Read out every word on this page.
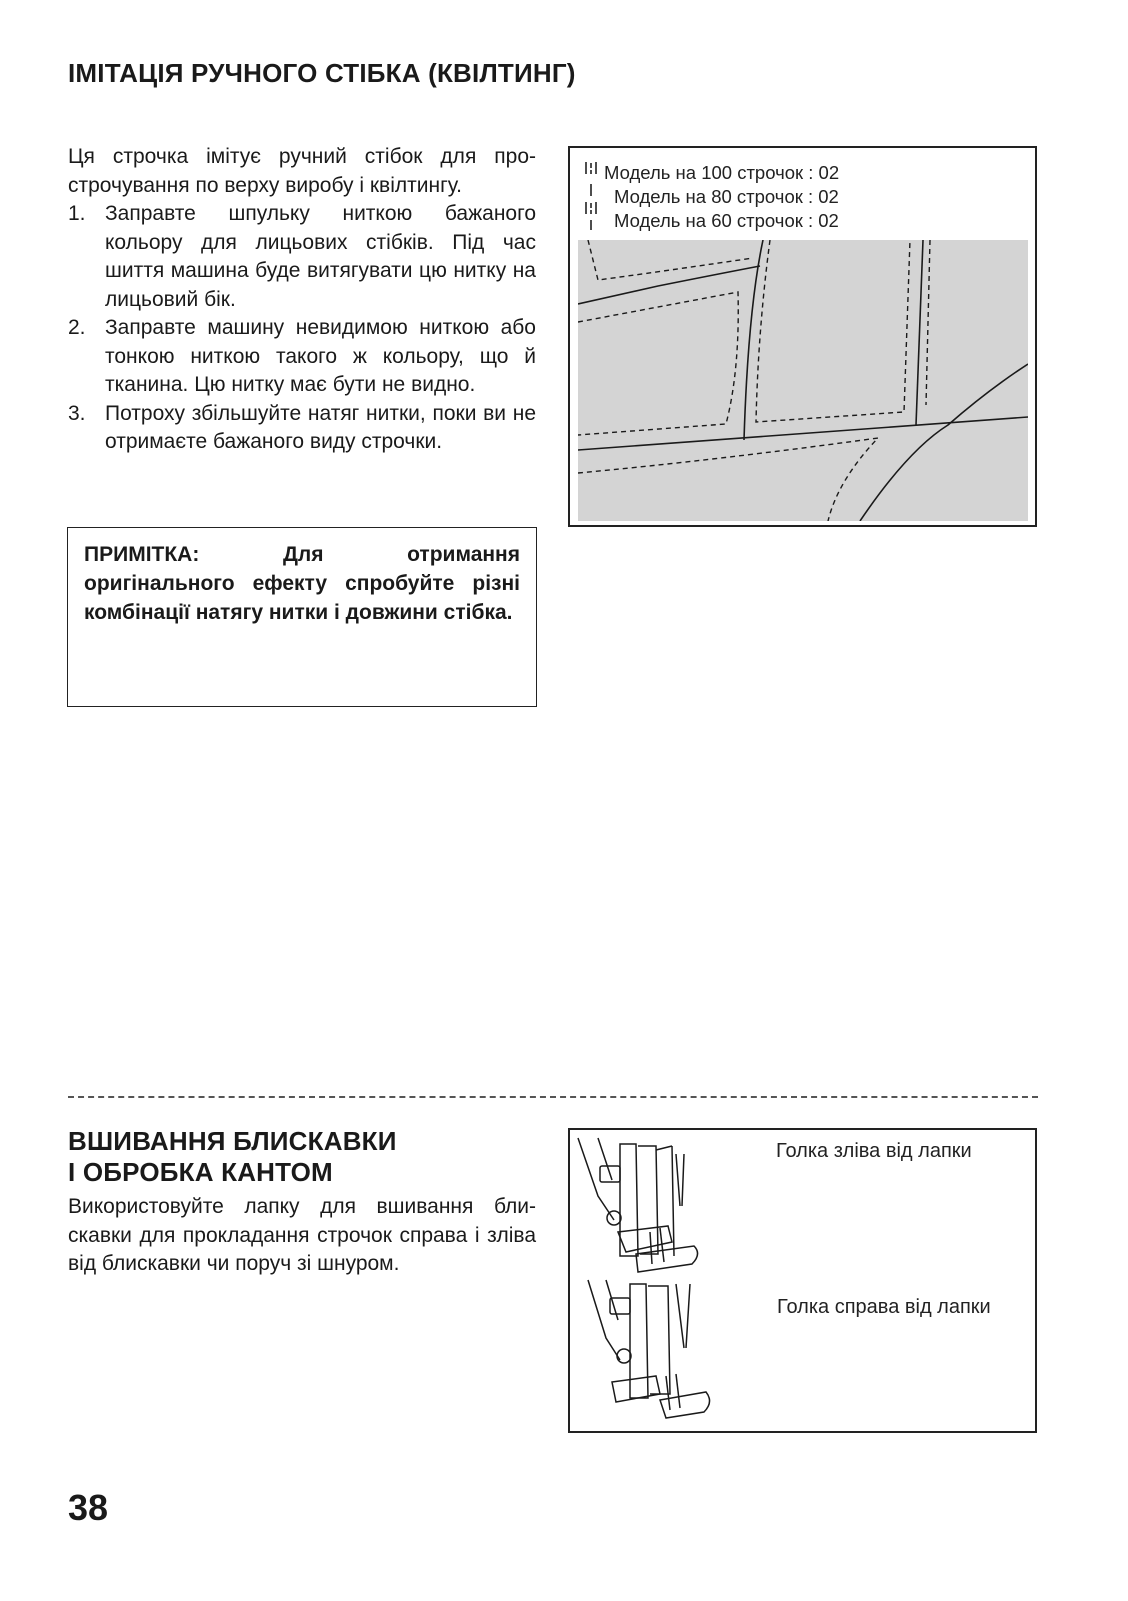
ІМІТАЦІЯ РУЧНОГО СТІБКА (КВІЛТИНГ)
Ця строчка імітує ручний стібок для про-строчування по верху виробу і квілтингу.
1. Заправте шпульку ниткою бажаного кольору для лицьових стібків. Під час шиття машина буде витягувати цю нитку на лицьовий бік.
2. Заправте машину невидимою ниткою або тонкою ниткою такого ж кольору, що й тканина. Цю нитку має бути не видно.
3. Потроху збільшуйте натяг нитки, поки ви не отримаєте бажаного виду строчки.
ПРИМІТКА: Для отримання оригінального ефекту спробуйте різні комбінації натягу нитки і довжини стібка.
Модель на 100 строчок : 02
Модель на 80 строчок : 02
Модель на 60 строчок : 02
ВШИВАННЯ БЛИСКАВКИ
І ОБРОБКА КАНТОМ
Використовуйте лапку для вшивання бли-скавки для прокладання строчок справа і зліва від блискавки чи поруч зі шнуром.
Голка зліва від лапки
Голка справа від лапки
38
